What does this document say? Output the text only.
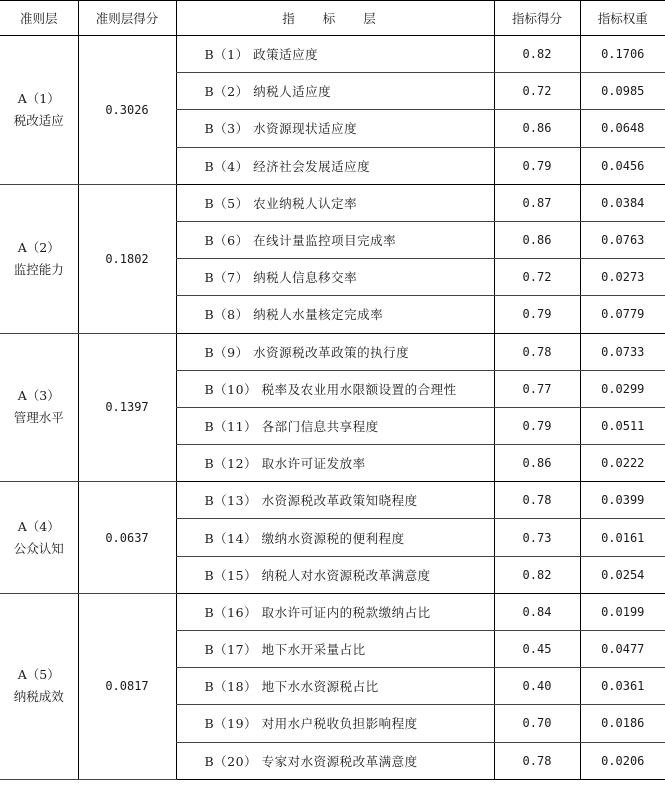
准则层	准则层得分	指 标 层	指标得分	指标权重

A（1）
税改适应	0.3026	B（1） 政策适应度	0.82	0.1706
		B（2） 纳税人适应度	0.72	0.0985
		B（3） 水资源现状适应度	0.86	0.0648
		B（4） 经济社会发展适应度	0.79	0.0456

A（2）
监控能力	0.1802	B（5） 农业纳税人认定率	0.87	0.0384
		B（6） 在线计量监控项目完成率	0.86	0.0763
		B（7） 纳税人信息移交率	0.72	0.0273
		B（8） 纳税人水量核定完成率	0.79	0.0779

A（3）
管理水平	0.1397	B（9） 水资源税改革政策的执行度	0.78	0.0733
		B（10） 税率及农业用水限额设置的合理性	0.77	0.0299
		B（11） 各部门信息共享程度	0.79	0.0511
		B（12） 取水许可证发放率	0.86	0.0222

A（4）
公众认知	0.0637	B（13） 水资源税改革政策知晓程度	0.78	0.0399
		B（14） 缴纳水资源税的便利程度	0.73	0.0161
		B（15） 纳税人对水资源税改革满意度	0.82	0.0254

A（5）
纳税成效	0.0817	B（16） 取水许可证内的税款缴纳占比	0.84	0.0199
		B（17） 地下水开采量占比	0.45	0.0477
		B（18） 地下水水资源税占比	0.40	0.0361
		B（19） 对用水户税收负担影响程度	0.70	0.0186
		B（20） 专家对水资源税改革满意度	0.78	0.0206
